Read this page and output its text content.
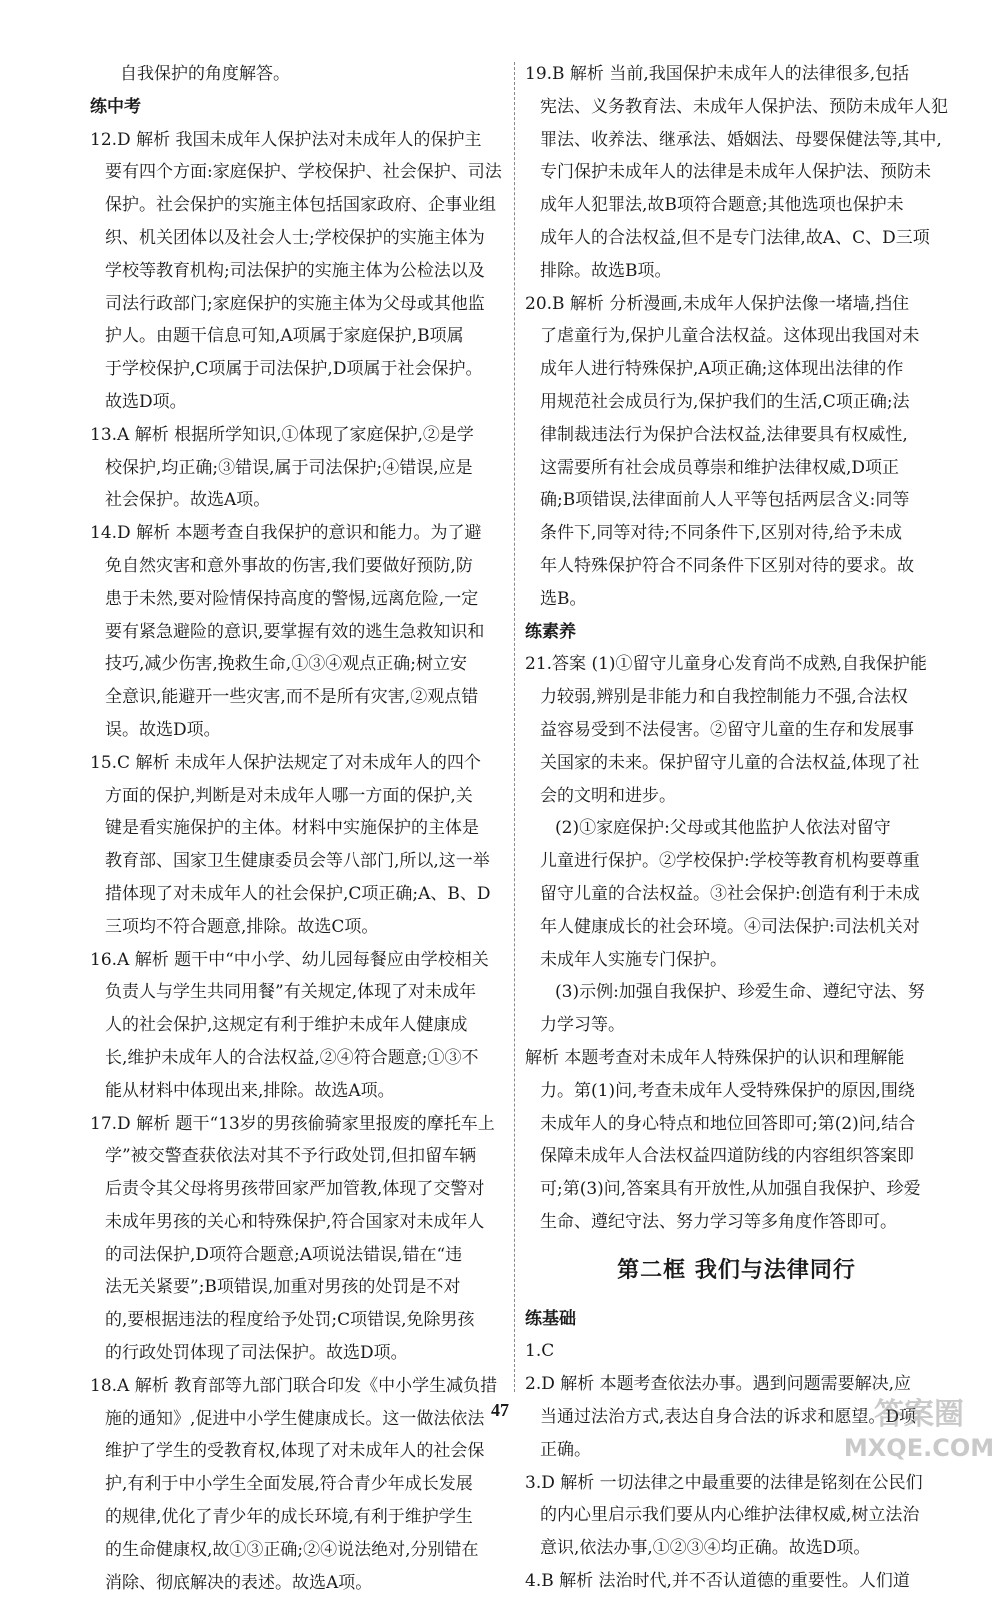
自我保护的角度解答。
练中考
12.D 解析 我国未成年人保护法对未成年人的保护主
要有四个方面:家庭保护、学校保护、社会保护、司法
保护。社会保护的实施主体包括国家政府、企事业组
织、机关团体以及社会人士;学校保护的实施主体为
学校等教育机构;司法保护的实施主体为公检法以及
司法行政部门;家庭保护的实施主体为父母或其他监
护人。由题干信息可知,A项属于家庭保护,B项属
于学校保护,C项属于司法保护,D项属于社会保护。
故选D项。
13.A 解析 根据所学知识,①体现了家庭保护,②是学
校保护,均正确;③错误,属于司法保护;④错误,应是
社会保护。故选A项。
14.D 解析 本题考查自我保护的意识和能力。为了避
免自然灾害和意外事故的伤害,我们要做好预防,防
患于未然,要对险情保持高度的警惕,远离危险,一定
要有紧急避险的意识,要掌握有效的逃生急救知识和
技巧,减少伤害,挽救生命,①③④观点正确;树立安
全意识,能避开一些灾害,而不是所有灾害,②观点错
误。故选D项。
15.C 解析 未成年人保护法规定了对未成年人的四个
方面的保护,判断是对未成年人哪一方面的保护,关
键是看实施保护的主体。材料中实施保护的主体是
教育部、国家卫生健康委员会等八部门,所以,这一举
措体现了对未成年人的社会保护,C项正确;A、B、D
三项均不符合题意,排除。故选C项。
16.A 解析 题干中“中小学、幼儿园每餐应由学校相关
负责人与学生共同用餐”有关规定,体现了对未成年
人的社会保护,这规定有利于维护未成年人健康成
长,维护未成年人的合法权益,②④符合题意;①③不
能从材料中体现出来,排除。故选A项。
17.D 解析 题干“13岁的男孩偷骑家里报废的摩托车上
学”被交警查获依法对其不予行政处罚,但扣留车辆
后责令其父母将男孩带回家严加管教,体现了交警对
未成年男孩的关心和特殊保护,符合国家对未成年人
的司法保护,D项符合题意;A项说法错误,错在“违
法无关紧要”;B项错误,加重对男孩的处罚是不对
的,要根据违法的程度给予处罚;C项错误,免除男孩
的行政处罚体现了司法保护。故选D项。
18.A 解析 教育部等九部门联合印发《中小学生减负措
施的通知》,促进中小学生健康成长。这一做法依法
维护了学生的受教育权,体现了对未成年人的社会保
护,有利于中小学生全面发展,符合青少年成长发展
的规律,优化了青少年的成长环境,有利于维护学生
的生命健康权,故①③正确;②④说法绝对,分别错在
消除、彻底解决的表述。故选A项。
19.B 解析 当前,我国保护未成年人的法律很多,包括
宪法、义务教育法、未成年人保护法、预防未成年人犯
罪法、收养法、继承法、婚姻法、母婴保健法等,其中,
专门保护未成年人的法律是未成年人保护法、预防未
成年人犯罪法,故B项符合题意;其他选项也保护未
成年人的合法权益,但不是专门法律,故A、C、D三项
排除。故选B项。
20.B 解析 分析漫画,未成年人保护法像一堵墙,挡住
了虐童行为,保护儿童合法权益。这体现出我国对未
成年人进行特殊保护,A项正确;这体现出法律的作
用规范社会成员行为,保护我们的生活,C项正确;法
律制裁违法行为保护合法权益,法律要具有权威性,
这需要所有社会成员尊崇和维护法律权威,D项正
确;B项错误,法律面前人人平等包括两层含义:同等
条件下,同等对待;不同条件下,区别对待,给予未成
年人特殊保护符合不同条件下区别对待的要求。故
选B。
练素养
21.答案 (1)①留守儿童身心发育尚不成熟,自我保护能
力较弱,辨别是非能力和自我控制能力不强,合法权
益容易受到不法侵害。②留守儿童的生存和发展事
关国家的未来。保护留守儿童的合法权益,体现了社
会的文明和进步。
(2)①家庭保护:父母或其他监护人依法对留守
儿童进行保护。②学校保护:学校等教育机构要尊重
留守儿童的合法权益。③社会保护:创造有利于未成
年人健康成长的社会环境。④司法保护:司法机关对
未成年人实施专门保护。
(3)示例:加强自我保护、珍爱生命、遵纪守法、努
力学习等。
解析 本题考查对未成年人特殊保护的认识和理解能
力。第(1)问,考查未成年人受特殊保护的原因,围绕
未成年人的身心特点和地位回答即可;第(2)问,结合
保障未成年人合法权益四道防线的内容组织答案即
可;第(3)问,答案具有开放性,从加强自我保护、珍爱
生命、遵纪守法、努力学习等多角度作答即可。
第二框 我们与法律同行
练基础
1.C
2.D 解析 本题考查依法办事。遇到问题需要解决,应
当通过法治方式,表达自身合法的诉求和愿望。D项
正确。
3.D 解析 一切法律之中最重要的法律是铭刻在公民们
的内心里启示我们要从内心维护法律权威,树立法治
意识,依法办事,①②③④均正确。故选D项。
4.B 解析 法治时代,并不否认道德的重要性。人们道
47	答案圈
MXQE.COM
